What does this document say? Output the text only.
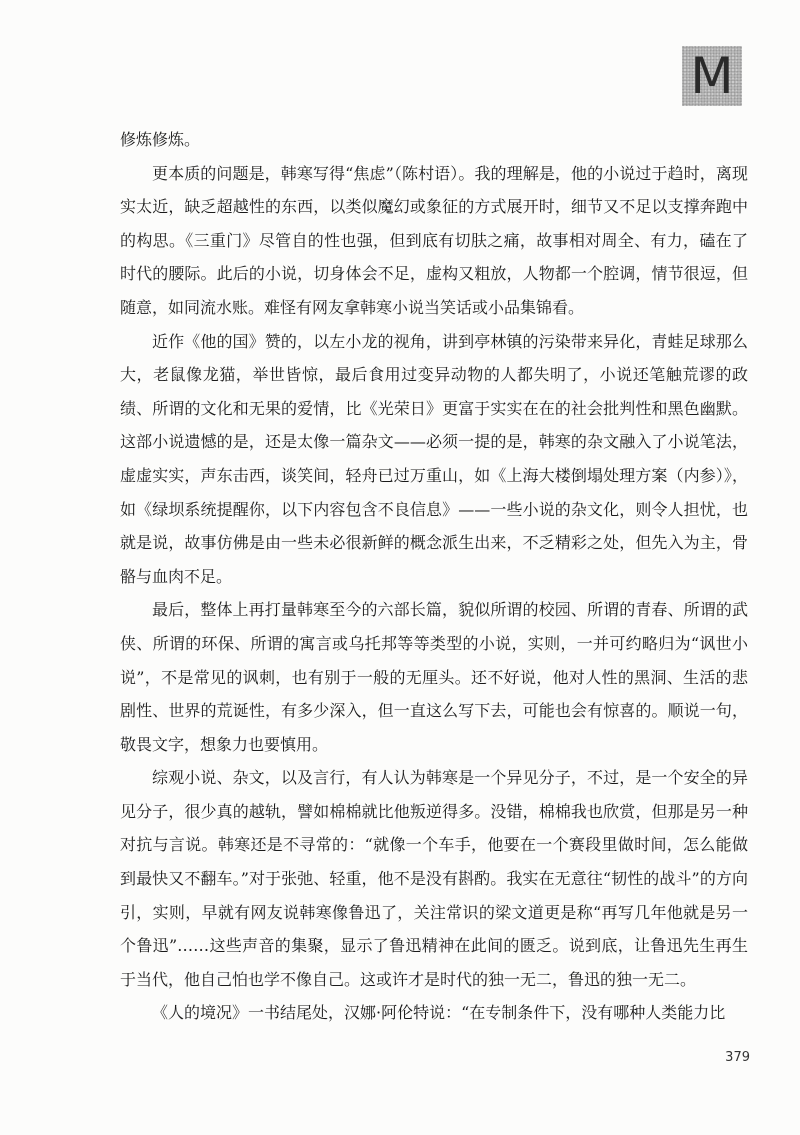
M

修炼修炼。

更本质的问题是，韩寒写得“焦虑”（陈村语）。我的理解是，他的小说过于趋时，离现实太近，缺乏超越性的东西，以类似魔幻或象征的方式展开时，细节又不足以支撑奔跑中的构思。《三重门》尽管自的性也强，但到底有切肤之痛，故事相对周全、有力，磕在了时代的腰际。此后的小说，切身体会不足，虚构又粗放，人物都一个腔调，情节很逗，但随意，如同流水账。难怪有网友拿韩寒小说当笑话或小品集锦看。

近作《他的国》赞的，以左小龙的视角，讲到亭林镇的污染带来异化，青蛙足球那么大，老鼠像龙猫，举世皆惊，最后食用过变异动物的人都失明了，小说还笔触荒谬的政绩、所谓的文化和无果的爱情，比《光荣日》更富于实实在在的社会批判性和黑色幽默。这部小说遗憾的是，还是太像一篇杂文——必须一提的是，韩寒的杂文融入了小说笔法，虚虚实实，声东击西，谈笑间，轻舟已过万重山，如《上海大楼倒塌处理方案（内参）》，如《绿坝系统提醒你，以下内容包含不良信息》——一些小说的杂文化，则令人担忧，也就是说，故事仿佛是由一些未必很新鲜的概念派生出来，不乏精彩之处，但先入为主，骨骼与血肉不足。

最后，整体上再打量韩寒至今的六部长篇，貌似所谓的校园、所谓的青春、所谓的武侠、所谓的环保、所谓的寓言或乌托邦等等类型的小说，实则，一并可约略归为“讽世小说”，不是常见的讽刺，也有别于一般的无厘头。还不好说，他对人性的黑洞、生活的悲剧性、世界的荒诞性，有多少深入，但一直这么写下去，可能也会有惊喜的。顺说一句，敬畏文字，想象力也要慎用。

综观小说、杂文，以及言行，有人认为韩寒是一个异见分子，不过，是一个安全的异见分子，很少真的越轨，譬如棉棉就比他叛逆得多。没错，棉棉我也欣赏，但那是另一种对抗与言说。韩寒还是不寻常的：“就像一个车手，他要在一个赛段里做时间，怎么能做到最快又不翻车。”对于张弛、轻重，他不是没有斟酌。我实在无意往“韧性的战斗”的方向引，实则，早就有网友说韩寒像鲁迅了，关注常识的梁文道更是称“再写几年他就是另一个鲁迅”……这些声音的集聚，显示了鲁迅精神在此间的匮乏。说到底，让鲁迅先生再生于当代，他自己怕也学不像自己。这或许才是时代的独一无二，鲁迅的独一无二。

《人的境况》一书结尾处，汉娜·阿伦特说：“在专制条件下，没有哪种人类能力比

379
